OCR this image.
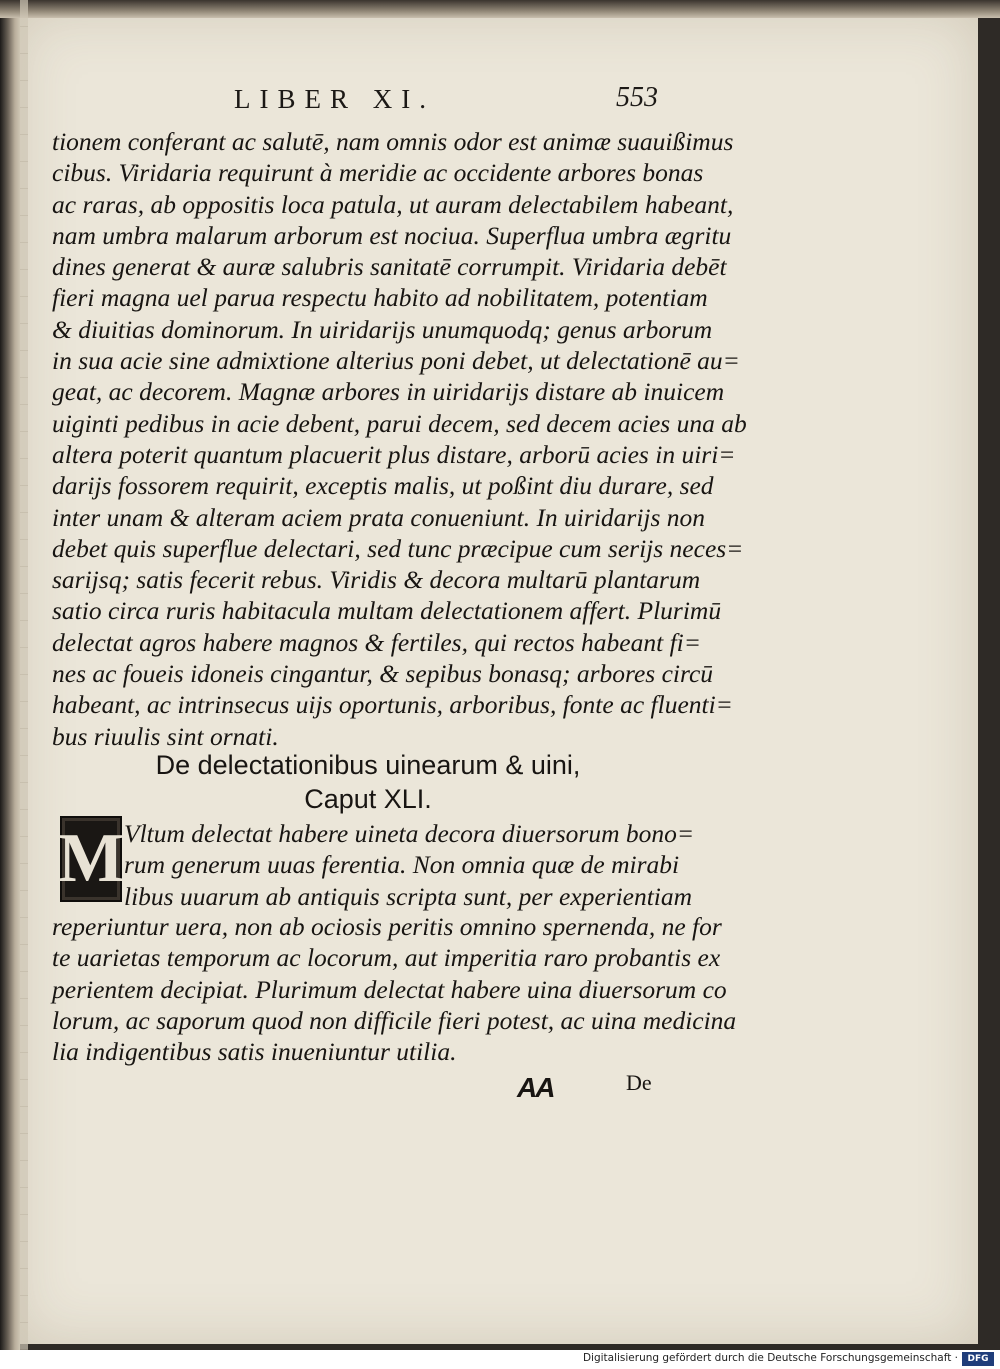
LIBER XI.	553
tionem conferant ac salutē, nam omnis odor est animæ suauißimus
cibus. Viridaria requirunt à meridie ac occidente arbores bonas
ac raras, ab oppositis loca patula, ut auram delectabilem habeant,
nam umbra malarum arborum est nociua. Superflua umbra ægritu
dines generat & auræ salubris sanitatē corrumpit. Viridaria debēt
fieri magna uel parua respectu habito ad nobilitatem, potentiam
& diuitias dominorum. In uiridarijs unumquodq; genus arborum
in sua acie sine admixtione alterius poni debet, ut delectationē au=
geat, ac decorem. Magnæ arbores in uiridarijs distare ab inuicem
uiginti pedibus in acie debent, parui decem, sed decem acies una ab
altera poterit quantum placuerit plus distare, arborū acies in uiri=
darijs fossorem requirit, exceptis malis, ut poßint diu durare, sed
inter unam & alteram aciem prata conueniunt. In uiridarijs non
debet quis superflue delectari, sed tunc præcipue cum serijs neces=
sarijsq; satis fecerit rebus. Viridis & decora multarū plantarum
satio circa ruris habitacula multam delectationem affert. Plurimū
delectat agros habere magnos & fertiles, qui rectos habeant fi=
nes ac foueis idoneis cingantur, & sepibus bonasq; arbores circū
habeant, ac intrinsecus uijs oportunis, arboribus, fonte ac fluenti=
bus riuulis sint ornati.
De delectationibus uinearum & uini,
Caput XLI.
M Vltum delectat habere uineta decora diuersorum bono=
rum generum uuas ferentia. Non omnia quæ de mirabi
libus uuarum ab antiquis scripta sunt, per experientiam
reperiuntur uera, non ab ociosis peritis omnino spernenda, ne for
te uarietas temporum ac locorum, aut imperitia raro probantis ex
perientem decipiat. Plurimum delectat habere uina diuersorum co
lorum, ac saporum quod non difficile fieri potest, ac uina medicina
lia indigentibus satis inueniuntur utilia.
AA	De
Digitalisierung gefördert durch die Deutsche Forschungsgemeinschaft ·	DFG
